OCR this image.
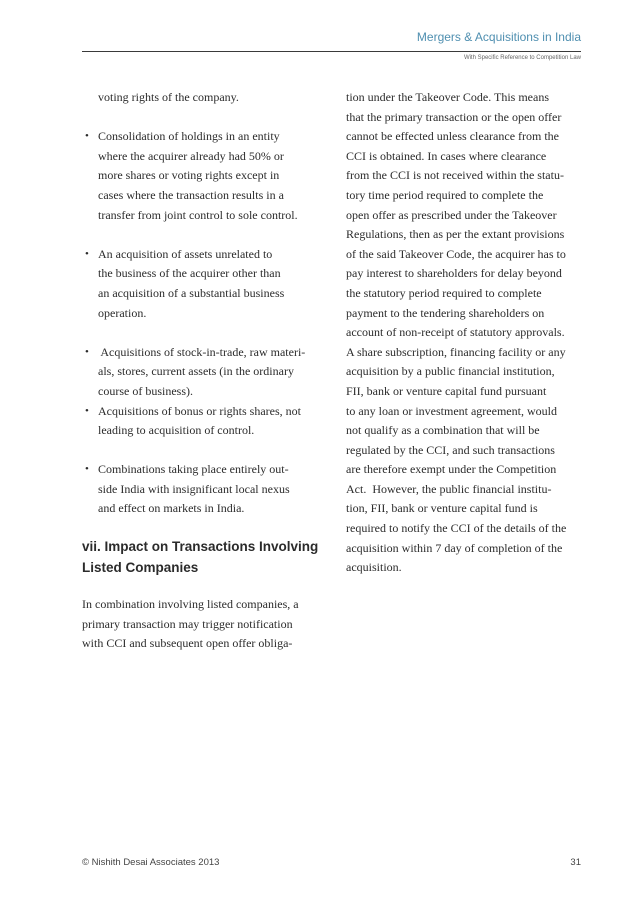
Mergers & Acquisitions in India
With Specific Reference to Competition Law

voting rights of the company.

• Consolidation of holdings in an entity
where the acquirer already had 50% or
more shares or voting rights except in
cases where the transaction results in a
transfer from joint control to sole control.
• An acquisition of assets unrelated to
the business of the acquirer other than
an acquisition of a substantial business
operation.
• Acquisitions of stock-in-trade, raw materi-
als, stores, current assets (in the ordinary
course of business).
• Acquisitions of bonus or rights shares, not
leading to acquisition of control.
• Combinations taking place entirely out-
side India with insignificant local nexus
and effect on markets in India.
vii. Impact on Transactions Involving
Listed Companies

In combination involving listed companies, a
primary transaction may trigger notification
with CCI and subsequent open offer obliga-

tion under the Takeover Code. This means
that the primary transaction or the open offer
cannot be effected unless clearance from the
CCI is obtained. In cases where clearance
from the CCI is not received within the statu-
tory time period required to complete the
open offer as prescribed under the Takeover
Regulations, then as per the extant provisions
of the said Takeover Code, the acquirer has to
pay interest to shareholders for delay beyond
the statutory period required to complete
payment to the tendering shareholders on
account of non-receipt of statutory approvals.
A share subscription, financing facility or any
acquisition by a public financial institution,
FII, bank or venture capital fund pursuant
to any loan or investment agreement, would
not qualify as a combination that will be
regulated by the CCI, and such transactions
are therefore exempt under the Competition
Act.  However, the public financial institu-
tion, FII, bank or venture capital fund is
required to notify the CCI of the details of the
acquisition within 7 day of completion of the
acquisition.

© Nishith Desai Associates 2013	31
